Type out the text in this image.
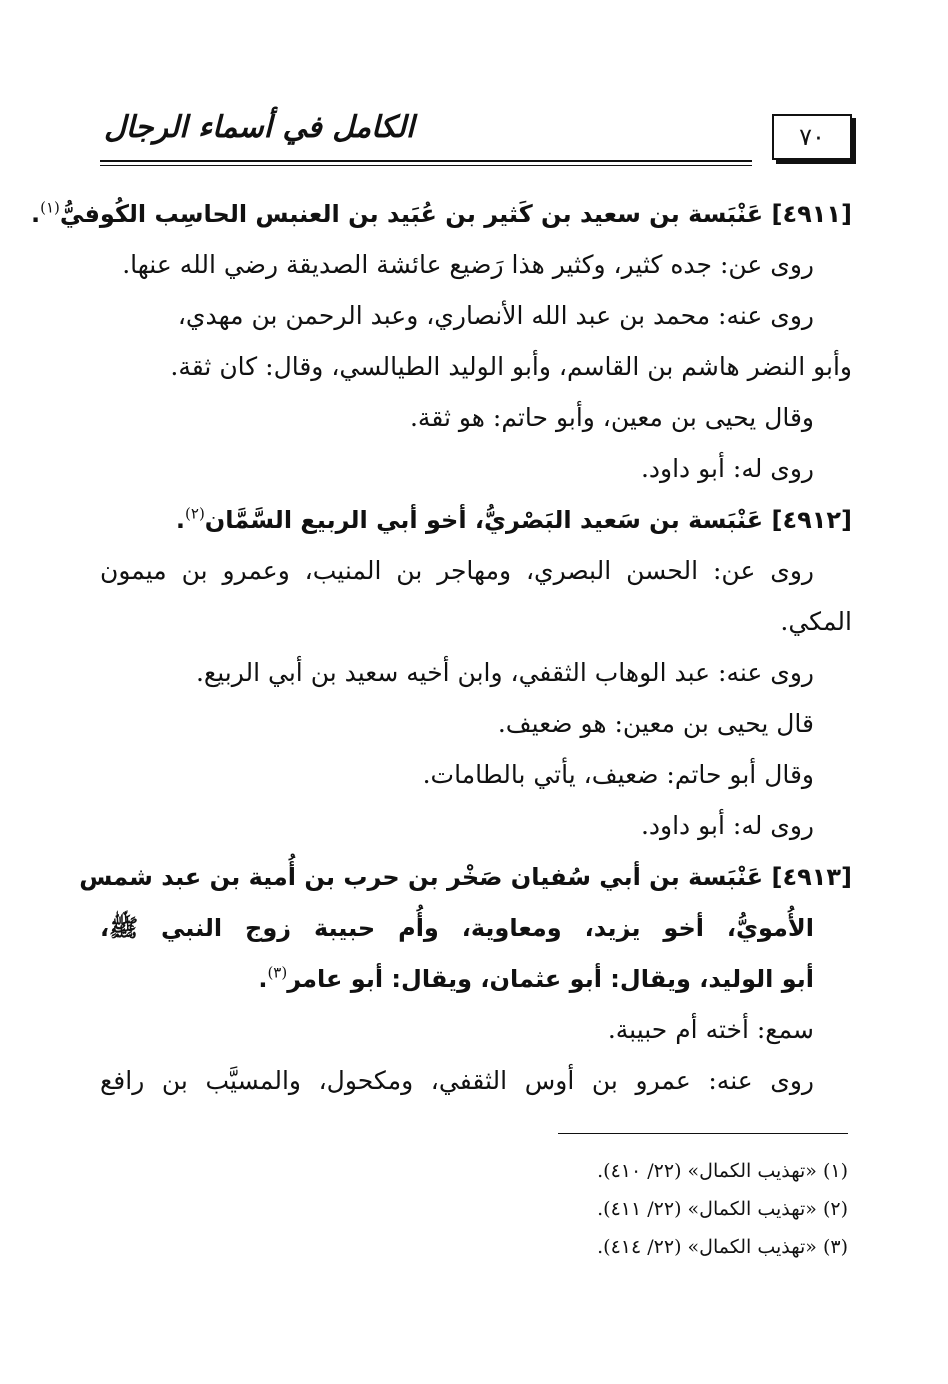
الكامل في أسماء الرجال	٧٠
[٤٩١١] عَنْبَسة بن سعيد بن كَثير بن عُبَيد بن العنبس الحاسِب الكُوفيُّ$^{(١)}$.
روى عن: جده كثير، وكثير هذا رَضيع عائشة الصديقة رضي الله عنها.
روى عنه: محمد بن عبد الله الأنصاري، وعبد الرحمن بن مهدي،
وأبو النضر هاشم بن القاسم، وأبو الوليد الطيالسي، وقال: كان ثقة.
وقال يحيى بن معين، وأبو حاتم: هو ثقة.
روى له: أبو داود.
[٤٩١٢] عَنْبَسة بن سَعيد البَصْريُّ، أخو أبي الربيع السَّمَّان$^{(٢)}$.
روى عن: الحسن البصري، ومهاجر بن المنيب، وعمرو بن ميمون
المكي.
روى عنه: عبد الوهاب الثقفي، وابن أخيه سعيد بن أبي الربيع.
قال يحيى بن معين: هو ضعيف.
وقال أبو حاتم: ضعيف، يأتي بالطامات.
روى له: أبو داود.
[٤٩١٣] عَنْبَسة بن أبي سُفيان صَخْر بن حرب بن أُمية بن عبد شمس
الأُمويُّ، أخو يزيد، ومعاوية، وأُم حبيبة زوج النبي ﷺ،
أبو الوليد، ويقال: أبو عثمان، ويقال: أبو عامر$^{(٣)}$.
سمع: أخته أم حبيبة.
روى عنه: عمرو بن أوس الثقفي، ومكحول، والمسيَّب بن رافع
(١) «تهذيب الكمال» (٢٢/ ٤١٠).
(٢) «تهذيب الكمال» (٢٢/ ٤١١).
(٣) «تهذيب الكمال» (٢٢/ ٤١٤).
